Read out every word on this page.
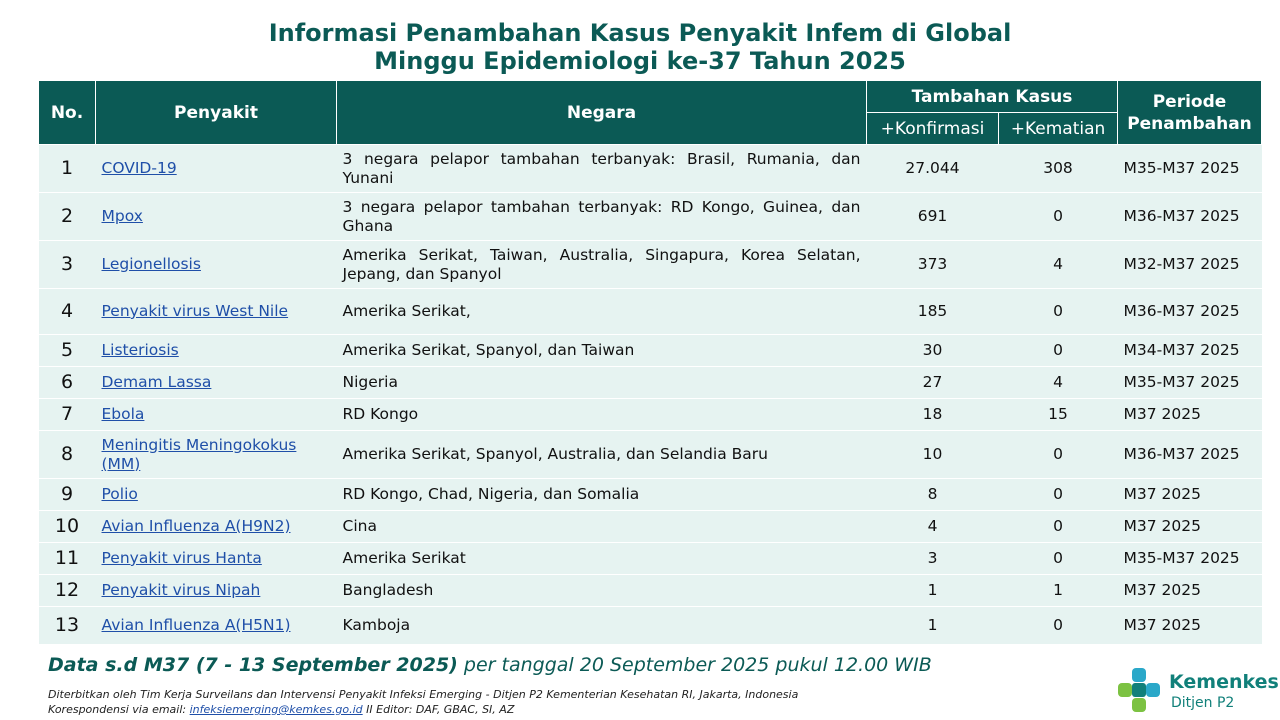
Informasi Penambahan Kasus Penyakit Infem di Global
Minggu Epidemiologi ke-37 Tahun 2025
No.	Penyakit	Negara	Tambahan Kasus		Periode Penambahan
			+Konfirmasi	+Kematian	
1	COVID-19	3 negara pelapor tambahan terbanyak: Brasil, Rumania, dan Yunani	27.044	308	M35-M37 2025
2	Mpox	3 negara pelapor tambahan terbanyak: RD Kongo, Guinea, dan Ghana	691	0	M36-M37 2025
3	Legionellosis	Amerika Serikat, Taiwan, Australia, Singapura, Korea Selatan, Jepang, dan Spanyol	373	4	M32-M37 2025
4	Penyakit virus West Nile	Amerika Serikat,	185	0	M36-M37 2025
5	Listeriosis	Amerika Serikat, Spanyol, dan Taiwan	30	0	M34-M37 2025
6	Demam Lassa	Nigeria	27	4	M35-M37 2025
7	Ebola	RD Kongo	18	15	M37 2025
8	Meningitis Meningokokus (MM)	Amerika Serikat, Spanyol, Australia, dan Selandia Baru	10	0	M36-M37 2025
9	Polio	RD Kongo, Chad, Nigeria, dan Somalia	8	0	M37 2025
10	Avian Influenza A(H9N2)	Cina	4	0	M37 2025
11	Penyakit virus Hanta	Amerika Serikat	3	0	M35-M37 2025
12	Penyakit virus Nipah	Bangladesh	1	1	M37 2025
13	Avian Influenza A(H5N1)	Kamboja	1	0	M37 2025
Data s.d M37 (7 - 13 September 2025) per tanggal 20 September 2025 pukul 12.00 WIB
Diterbitkan oleh Tim Kerja Surveilans dan Intervensi Penyakit Infeksi Emerging - Ditjen P2 Kementerian Kesehatan RI, Jakarta, Indonesia
Korespondensi via email: infeksiemerging@kemkes.go.id II Editor: DAF, GBAC, SI, AZ
Kemenkes
Ditjen P2
